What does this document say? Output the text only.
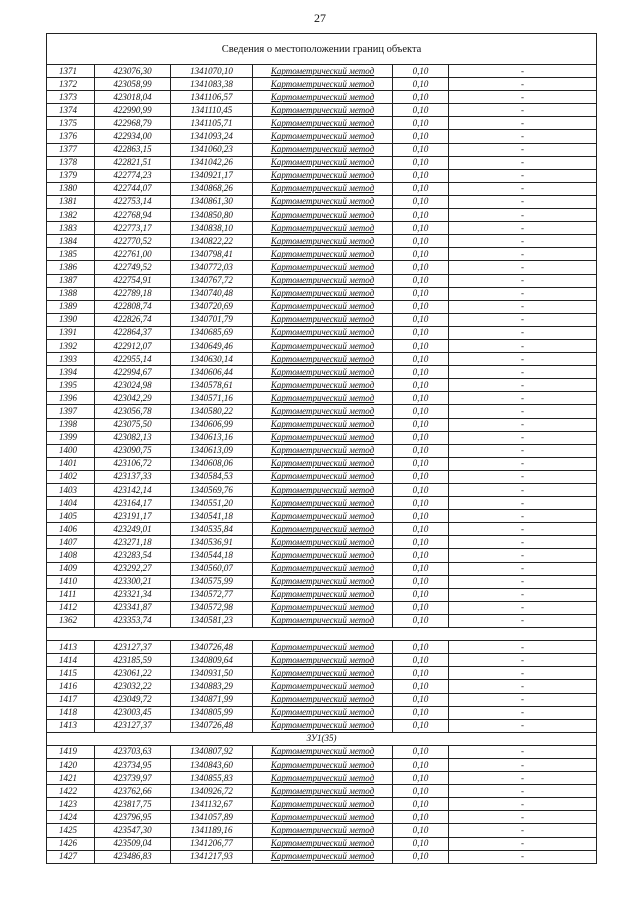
27
Сведения о местоположении границ объекта					
1371	423076,30	1341070,10	Картометрический метод	0,10	-
1372	423058,99	1341083,38	Картометрический метод	0,10	-
1373	423018,04	1341106,57	Картометрический метод	0,10	-
1374	422990,99	1341110,45	Картометрический метод	0,10	-
1375	422968,79	1341105,71	Картометрический метод	0,10	-
1376	422934,00	1341093,24	Картометрический метод	0,10	-
1377	422863,15	1341060,23	Картометрический метод	0,10	-
1378	422821,51	1341042,26	Картометрический метод	0,10	-
1379	422774,23	1340921,17	Картометрический метод	0,10	-
1380	422744,07	1340868,26	Картометрический метод	0,10	-
1381	422753,14	1340861,30	Картометрический метод	0,10	-
1382	422768,94	1340850,80	Картометрический метод	0,10	-
1383	422773,17	1340838,10	Картометрический метод	0,10	-
1384	422770,52	1340822,22	Картометрический метод	0,10	-
1385	422761,00	1340798,41	Картометрический метод	0,10	-
1386	422749,52	1340772,03	Картометрический метод	0,10	-
1387	422754,91	1340767,72	Картометрический метод	0,10	-
1388	422789,18	1340740,48	Картометрический метод	0,10	-
1389	422808,74	1340720,69	Картометрический метод	0,10	-
1390	422826,74	1340701,79	Картометрический метод	0,10	-
1391	422864,37	1340685,69	Картометрический метод	0,10	-
1392	422912,07	1340649,46	Картометрический метод	0,10	-
1393	422955,14	1340630,14	Картометрический метод	0,10	-
1394	422994,67	1340606,44	Картометрический метод	0,10	-
1395	423024,98	1340578,61	Картометрический метод	0,10	-
1396	423042,29	1340571,16	Картометрический метод	0,10	-
1397	423056,78	1340580,22	Картометрический метод	0,10	-
1398	423075,50	1340606,99	Картометрический метод	0,10	-
1399	423082,13	1340613,16	Картометрический метод	0,10	-
1400	423090,75	1340613,09	Картометрический метод	0,10	-
1401	423106,72	1340608,06	Картометрический метод	0,10	-
1402	423137,33	1340584,53	Картометрический метод	0,10	-
1403	423142,14	1340569,76	Картометрический метод	0,10	-
1404	423164,17	1340551,20	Картометрический метод	0,10	-
1405	423191,17	1340541,18	Картометрический метод	0,10	-
1406	423249,01	1340535,84	Картометрический метод	0,10	-
1407	423271,18	1340536,91	Картометрический метод	0,10	-
1408	423283,54	1340544,18	Картометрический метод	0,10	-
1409	423292,27	1340560,07	Картометрический метод	0,10	-
1410	423300,21	1340575,99	Картометрический метод	0,10	-
1411	423321,34	1340572,77	Картометрический метод	0,10	-
1412	423341,87	1340572,98	Картометрический метод	0,10	-
1362	423353,74	1340581,23	Картометрический метод	0,10	-

1413	423127,37	1340726,48	Картометрический метод	0,10	-
1414	423185,59	1340809,64	Картометрический метод	0,10	-
1415	423061,22	1340931,50	Картометрический метод	0,10	-
1416	423032,22	1340883,29	Картометрический метод	0,10	-
1417	423049,72	1340871,99	Картометрический метод	0,10	-
1418	423003,45	1340805,99	Картометрический метод	0,10	-
1413	423127,37	1340726,48	Картометрический метод	0,10	-
ЗУ1(35)					
1419	423703,63	1340807,92	Картометрический метод	0,10	-
1420	423734,95	1340843,60	Картометрический метод	0,10	-
1421	423739,97	1340855,83	Картометрический метод	0,10	-
1422	423762,66	1340926,72	Картометрический метод	0,10	-
1423	423817,75	1341132,67	Картометрический метод	0,10	-
1424	423796,95	1341057,89	Картометрический метод	0,10	-
1425	423547,30	1341189,16	Картометрический метод	0,10	-
1426	423509,04	1341206,77	Картометрический метод	0,10	-
1427	423486,83	1341217,93	Картометрический метод	0,10	-
